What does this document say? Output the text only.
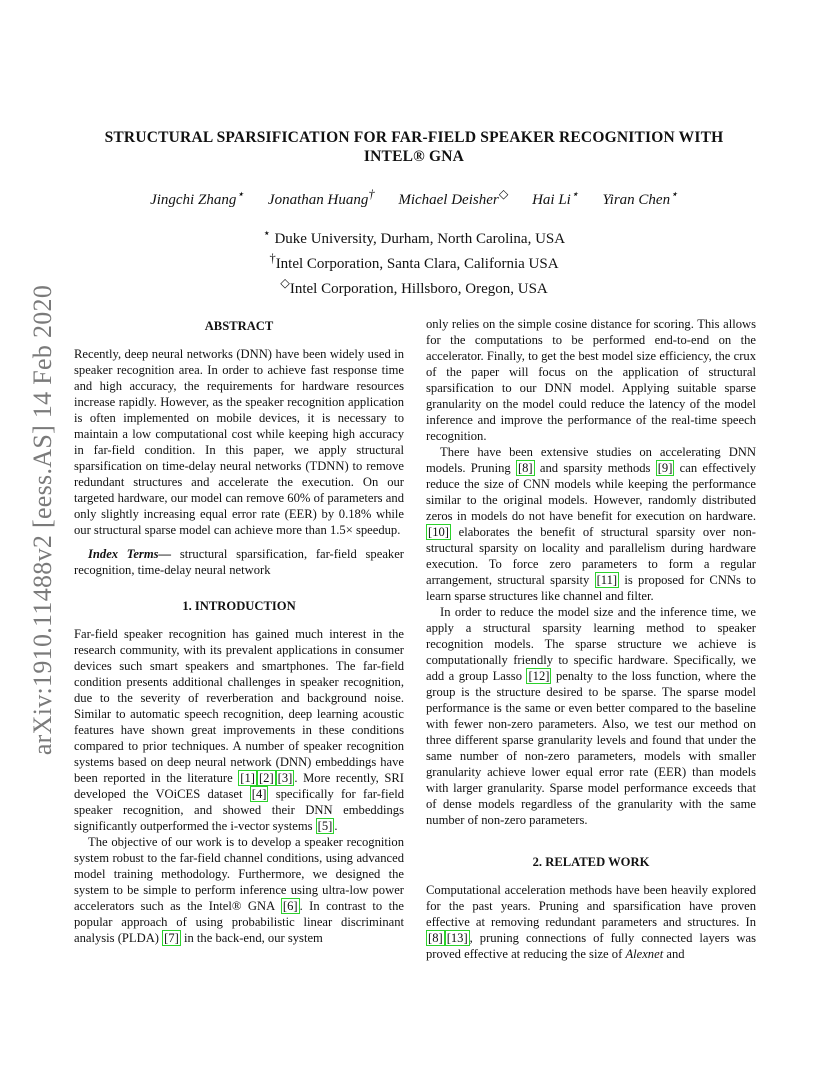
arXiv:1910.11488v2 [eess.AS] 14 Feb 2020
STRUCTURAL SPARSIFICATION FOR FAR-FIELD SPEAKER RECOGNITION WITH
INTEL® GNA
Jingchi Zhang⋆ Jonathan Huang† Michael Deisher◇ Hai Li⋆ Yiran Chen⋆
⋆ Duke University, Durham, North Carolina, USA
†Intel Corporation, Santa Clara, California USA
◇Intel Corporation, Hillsboro, Oregon, USA
ABSTRACT

Recently, deep neural networks (DNN) have been widely used in speaker recognition area. In order to achieve fast response time and high accuracy, the requirements for hardware resources increase rapidly. However, as the speaker recognition application is often implemented on mobile devices, it is necessary to maintain a low computational cost while keeping high accuracy in far-field condition. In this paper, we apply structural sparsification on time-delay neural networks (TDNN) to remove redundant structures and accelerate the execution. On our targeted hardware, our model can remove 60% of parameters and only slightly increasing equal error rate (EER) by 0.18% while our structural sparse model can achieve more than 1.5× speedup.

Index Terms— structural sparsification, far-field speaker recognition, time-delay neural network

1. INTRODUCTION

Far-field speaker recognition has gained much interest in the research community, with its prevalent applications in consumer devices such smart speakers and smartphones. The far-field condition presents additional challenges in speaker recognition, due to the severity of reverberation and background noise. Similar to automatic speech recognition, deep learning acoustic features have shown great improvements in these conditions compared to prior techniques. A number of speaker recognition systems based on deep neural network (DNN) embeddings have been reported in the literature [1] [2] [3] . More recently, SRI developed the VOiCES dataset [4] specifically for far-field speaker recognition, and showed their DNN embeddings significantly outperformed the i-vector systems [5] .

The objective of our work is to develop a speaker recognition system robust to the far-field channel conditions, using advanced model training methodology. Furthermore, we designed the system to be simple to perform inference using ultra-low power accelerators such as the Intel® GNA [6] . In contrast to the popular approach of using probabilistic linear discriminant analysis (PLDA) [7] in the back-end, our system

only relies on the simple cosine distance for scoring. This allows for the computations to be performed end-to-end on the accelerator. Finally, to get the best model size efficiency, the crux of the paper will focus on the application of structural sparsification to our DNN model. Applying suitable sparse granularity on the model could reduce the latency of the model inference and improve the performance of the real-time speech recognition.

There have been extensive studies on accelerating DNN models. Pruning [8] and sparsity methods [9] can effectively reduce the size of CNN models while keeping the performance similar to the original models. However, randomly distributed zeros in models do not have benefit for execution on hardware. [10] elaborates the benefit of structural sparsity over non-structural sparsity on locality and parallelism during hardware execution. To force zero parameters to form a regular arrangement, structural sparsity [11] is proposed for CNNs to learn sparse structures like channel and filter.

In order to reduce the model size and the inference time, we apply a structural sparsity learning method to speaker recognition models. The sparse structure we achieve is computationally friendly to specific hardware. Specifically, we add a group Lasso [12] penalty to the loss function, where the group is the structure desired to be sparse. The sparse model performance is the same or even better compared to the baseline with fewer non-zero parameters. Also, we test our method on three different sparse granularity levels and found that under the same number of non-zero parameters, models with smaller granularity achieve lower equal error rate (EER) than models with larger granularity. Sparse model performance exceeds that of dense models regardless of the granularity with the same number of non-zero parameters.

2. RELATED WORK

Computational acceleration methods have been heavily explored for the past years. Pruning and sparsification have proven effective at removing redundant parameters and structures. In [8] [13] , pruning connections of fully connected layers was proved effective at reducing the size of Alexnet and
